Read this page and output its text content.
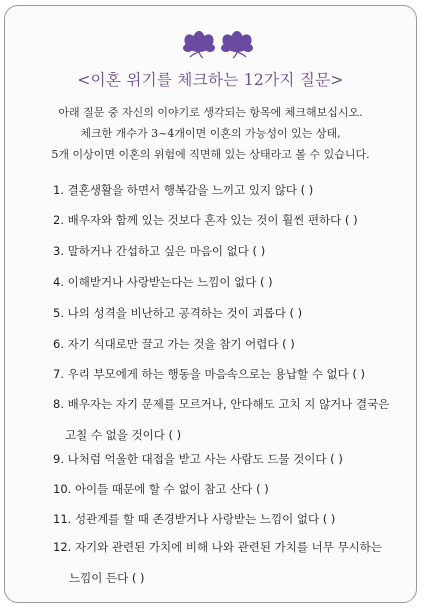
<이혼 위기를 체크하는 12가지 질문>
아래 질문 중 자신의 이야기로 생각되는 항목에 체크해보십시오.
체크한 개수가 3~4개이면 이혼의 가능성이 있는 상태,
5개 이상이면 이혼의 위험에 직면해 있는 상태라고 볼 수 있습니다.
1. 결혼생활을 하면서 행복감을 느끼고 있지 않다 ( )
2. 배우자와 함께 있는 것보다 혼자 있는 것이 훨씬 편하다 ( )
3. 말하거나 간섭하고 싶은 마음이 없다 ( )
4. 이해받거나 사랑받는다는 느낌이 없다 ( )
5. 나의 성격을 비난하고 공격하는 것이 괴롭다 ( )
6. 자기 식대로만 끌고 가는 것을 참기 어렵다 ( )
7. 우리 부모에게 하는 행동을 마음속으로는 용납할 수 없다 ( )
8. 배우자는 자기 문제를 모르거나, 안다해도 고치 지 않거나 결국은
고칠 수 없을 것이다 ( )
9. 나처럼 억울한 대접을 받고 사는 사람도 드물 것이다 ( )
10. 아이들 때문에 할 수 없이 참고 산다 ( )
11. 성관계를 할 때 존경받거나 사랑받는 느낌이 없다 ( )
12. 자기와 관련된 가치에 비해 나와 관련된 가치를 너무 무시하는
느낌이 든다 ( )
